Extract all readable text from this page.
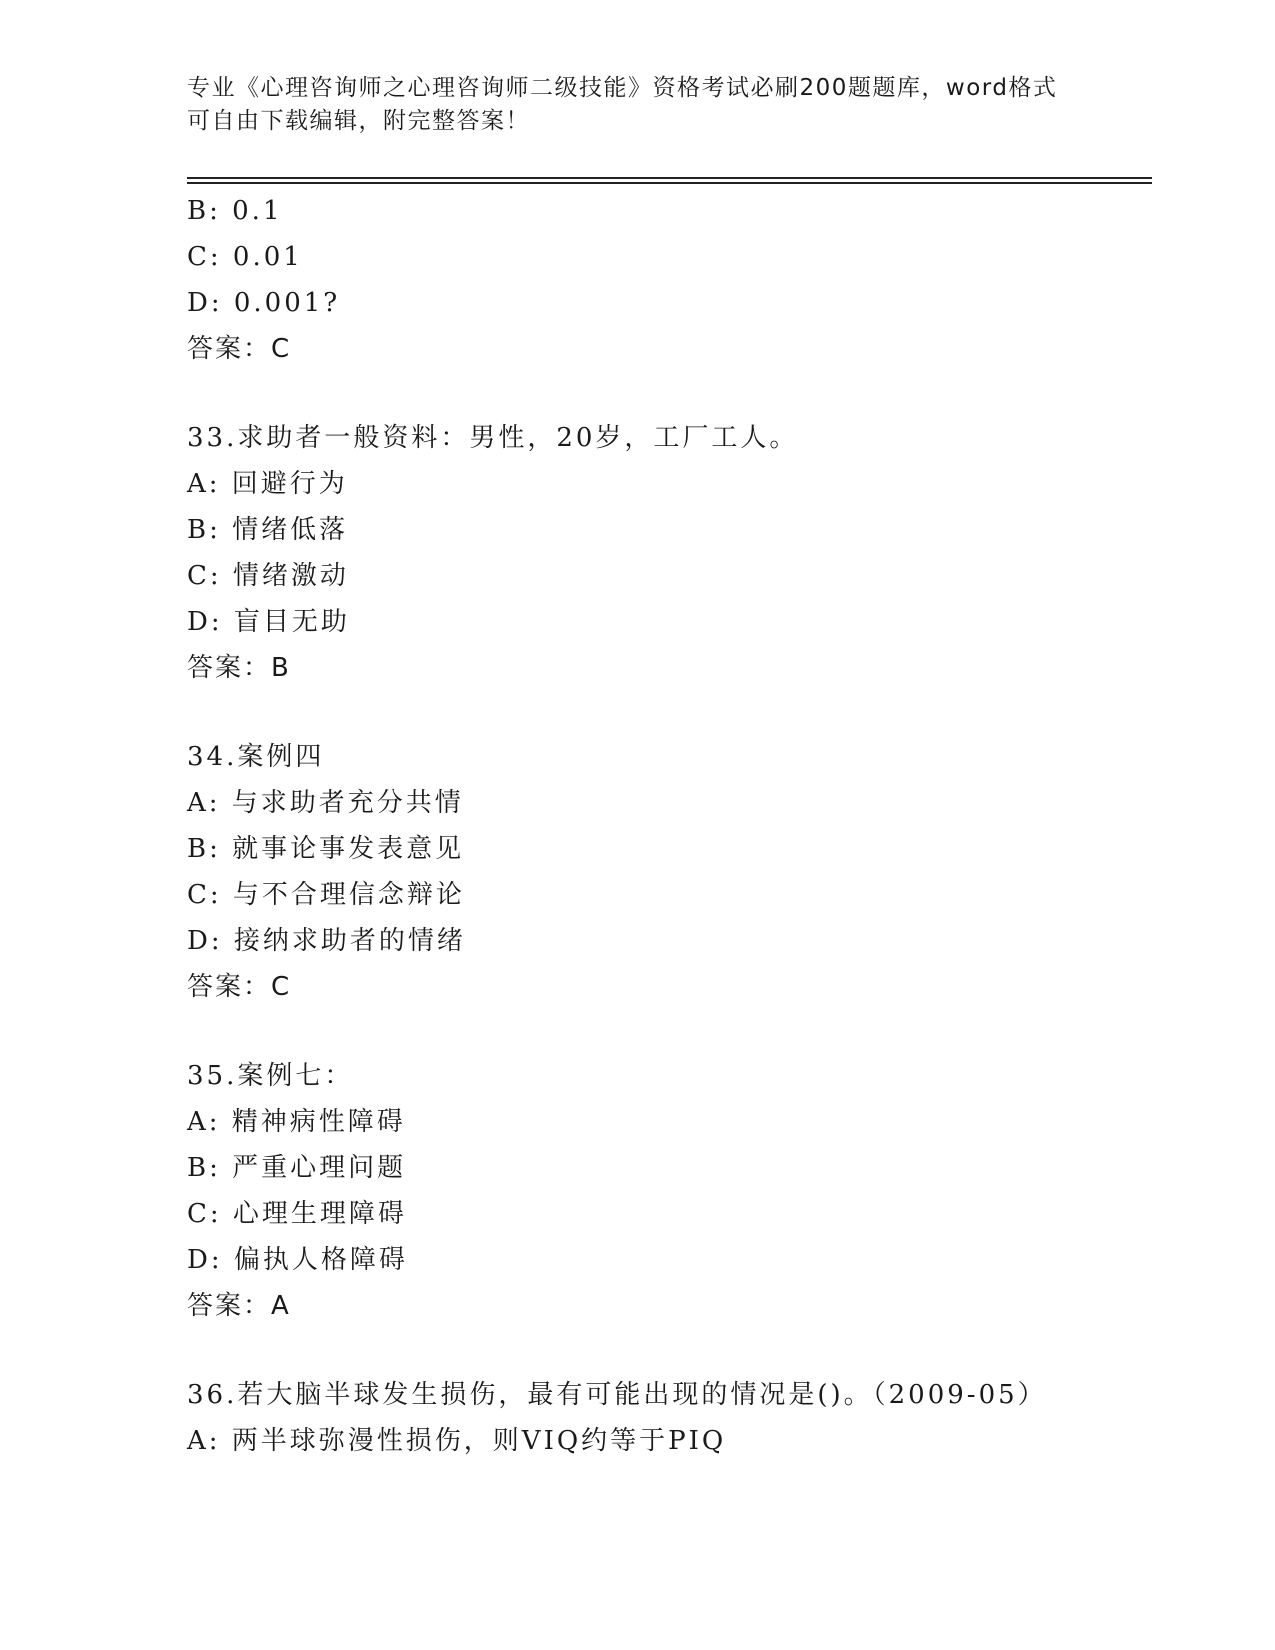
专业《心理咨询师之心理咨询师二级技能》资格考试必刷200题题库，word格式
可自由下载编辑，附完整答案！
B: 0.1
C: 0.01
D: 0.001?
答案：C
33.求助者一般资料：男性，20岁，工厂工人。
A: 回避行为
B: 情绪低落
C: 情绪激动
D: 盲目无助
答案：B
34.案例四
A: 与求助者充分共情
B: 就事论事发表意见
C: 与不合理信念辩论
D: 接纳求助者的情绪
答案：C
35.案例七：
A: 精神病性障碍
B: 严重心理问题
C: 心理生理障碍
D: 偏执人格障碍
答案：A
36.若大脑半球发生损伤，最有可能出现的情况是()。（2009-05）
A: 两半球弥漫性损伤，则VIQ约等于PIQ
